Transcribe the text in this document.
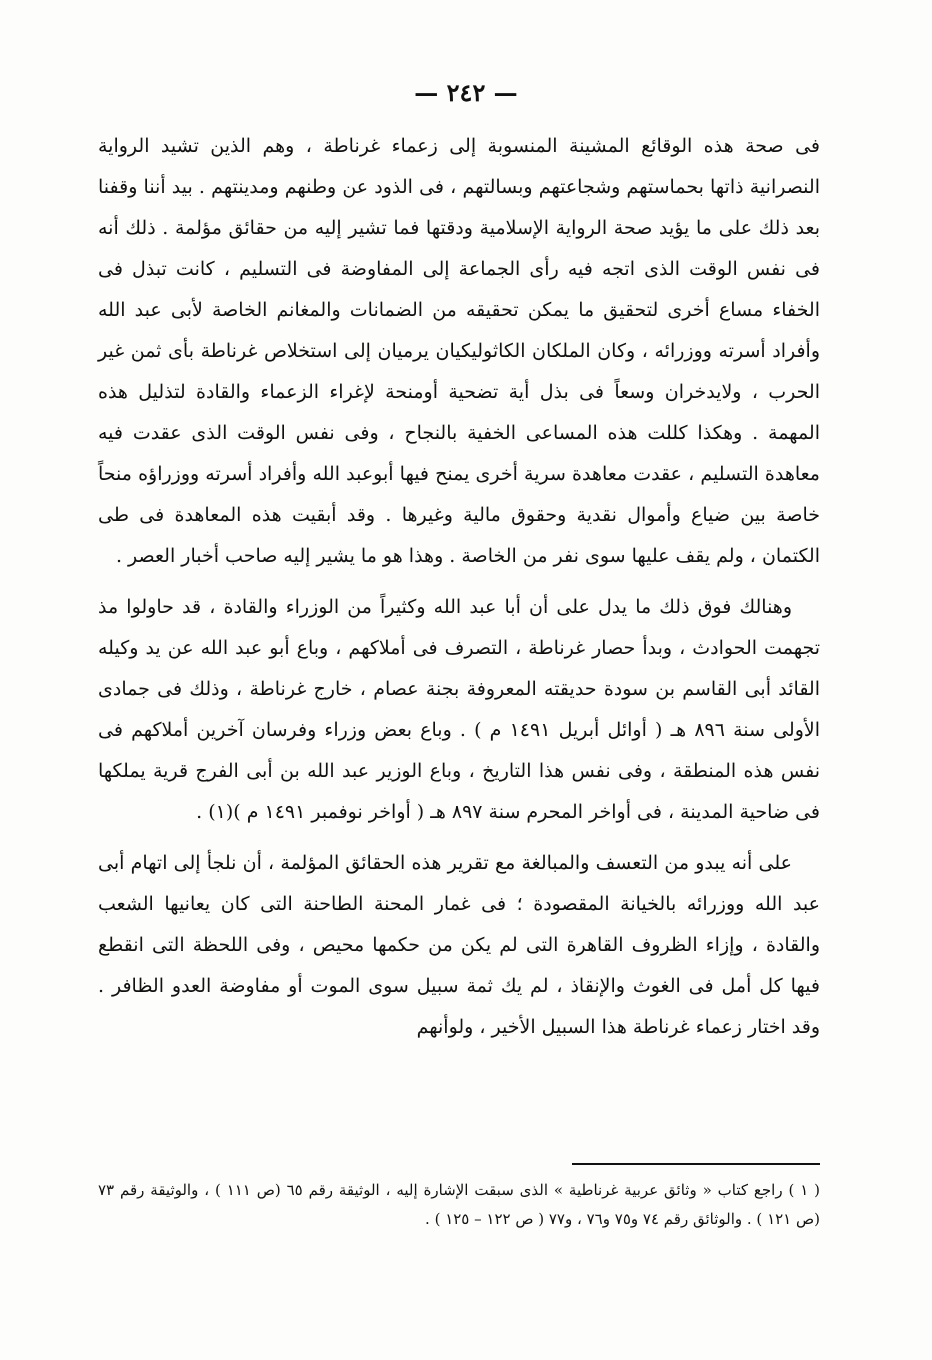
— ٢٤٢ —

فى صحة هذه الوقائع المشينة المنسوبة إلى زعماء غرناطة ، وهم الذين تشيد الرواية النصرانية ذاتها بحماستهم وشجاعتهم وبسالتهم ، فى الذود عن وطنهم ومدينتهم . بيد أننا وقفنا بعد ذلك على ما يؤيد صحة الرواية الإسلامية ودقتها فما تشير إليه من حقائق مؤلمة . ذلك أنه فى نفس الوقت الذى اتجه فيه رأى الجماعة إلى المفاوضة فى التسليم ، كانت تبذل فى الخفاء مساع أخرى لتحقيق ما يمكن تحقيقه من الضمانات والمغانم الخاصة لأبى عبد الله وأفراد أسرته ووزرائه ، وكان الملكان الكاثوليكيان يرميان إلى استخلاص غرناطة بأى ثمن غير الحرب ، ولايدخران وسعاً فى بذل أية تضحية أومنحة لإغراء الزعماء والقادة لتذليل هذه المهمة . وهكذا كللت هذه المساعى الخفية بالنجاح ، وفى نفس الوقت الذى عقدت فيه معاهدة التسليم ، عقدت معاهدة سرية أخرى يمنح فيها أبوعبد الله وأفراد أسرته ووزراؤه منحاً خاصة بين ضياع وأموال نقدية وحقوق مالية وغيرها . وقد أبقيت هذه المعاهدة فى طى الكتمان ، ولم يقف عليها سوى نفر من الخاصة . وهذا هو ما يشير إليه صاحب أخبار العصر .

وهنالك فوق ذلك ما يدل على أن أبا عبد الله وكثيراً من الوزراء والقادة ، قد حاولوا مذ تجهمت الحوادث ، وبدأ حصار غرناطة ، التصرف فى أملاكهم ، وباع أبو عبد الله عن يد وكيله القائد أبى القاسم بن سودة حديقته المعروفة بجنة عصام ، خارج غرناطة ، وذلك فى جمادى الأولى سنة ٨٩٦ هـ ( أوائل أبريل ١٤٩١ م ) . وباع بعض وزراء وفرسان آخرين أملاكهم فى نفس هذه المنطقة ، وفى نفس هذا التاريخ ، وباع الوزير عبد الله بن أبى الفرج قرية يملكها فى ضاحية المدينة ، فى أواخر المحرم سنة ٨٩٧ هـ ( أواخر نوفمبر ١٤٩١ م )(١) .

على أنه يبدو من التعسف والمبالغة مع تقرير هذه الحقائق المؤلمة ، أن نلجأ إلى اتهام أبى عبد الله ووزرائه بالخيانة المقصودة ؛ فى غمار المحنة الطاحنة التى كان يعانيها الشعب والقادة ، وإزاء الظروف القاهرة التى لم يكن من حكمها محيص ، وفى اللحظة التى انقطع فيها كل أمل فى الغوث والإنقاذ ، لم يك ثمة سبيل سوى الموت أو مفاوضة العدو الظافر . وقد اختار زعماء غرناطة هذا السبيل الأخير ، ولوأنهم

( ١ ) راجع كتاب « وثائق عربية غرناطية » الذى سبقت الإشارة إليه ، الوثيقة رقم ٦٥ (ص ١١١ ) ، والوثيقة رقم ٧٣ (ص ١٢١ ) . والوثائق رقم ٧٤ و٧٥ و٧٦ ، و٧٧ ( ص ١٢٢ – ١٢٥ ) .
